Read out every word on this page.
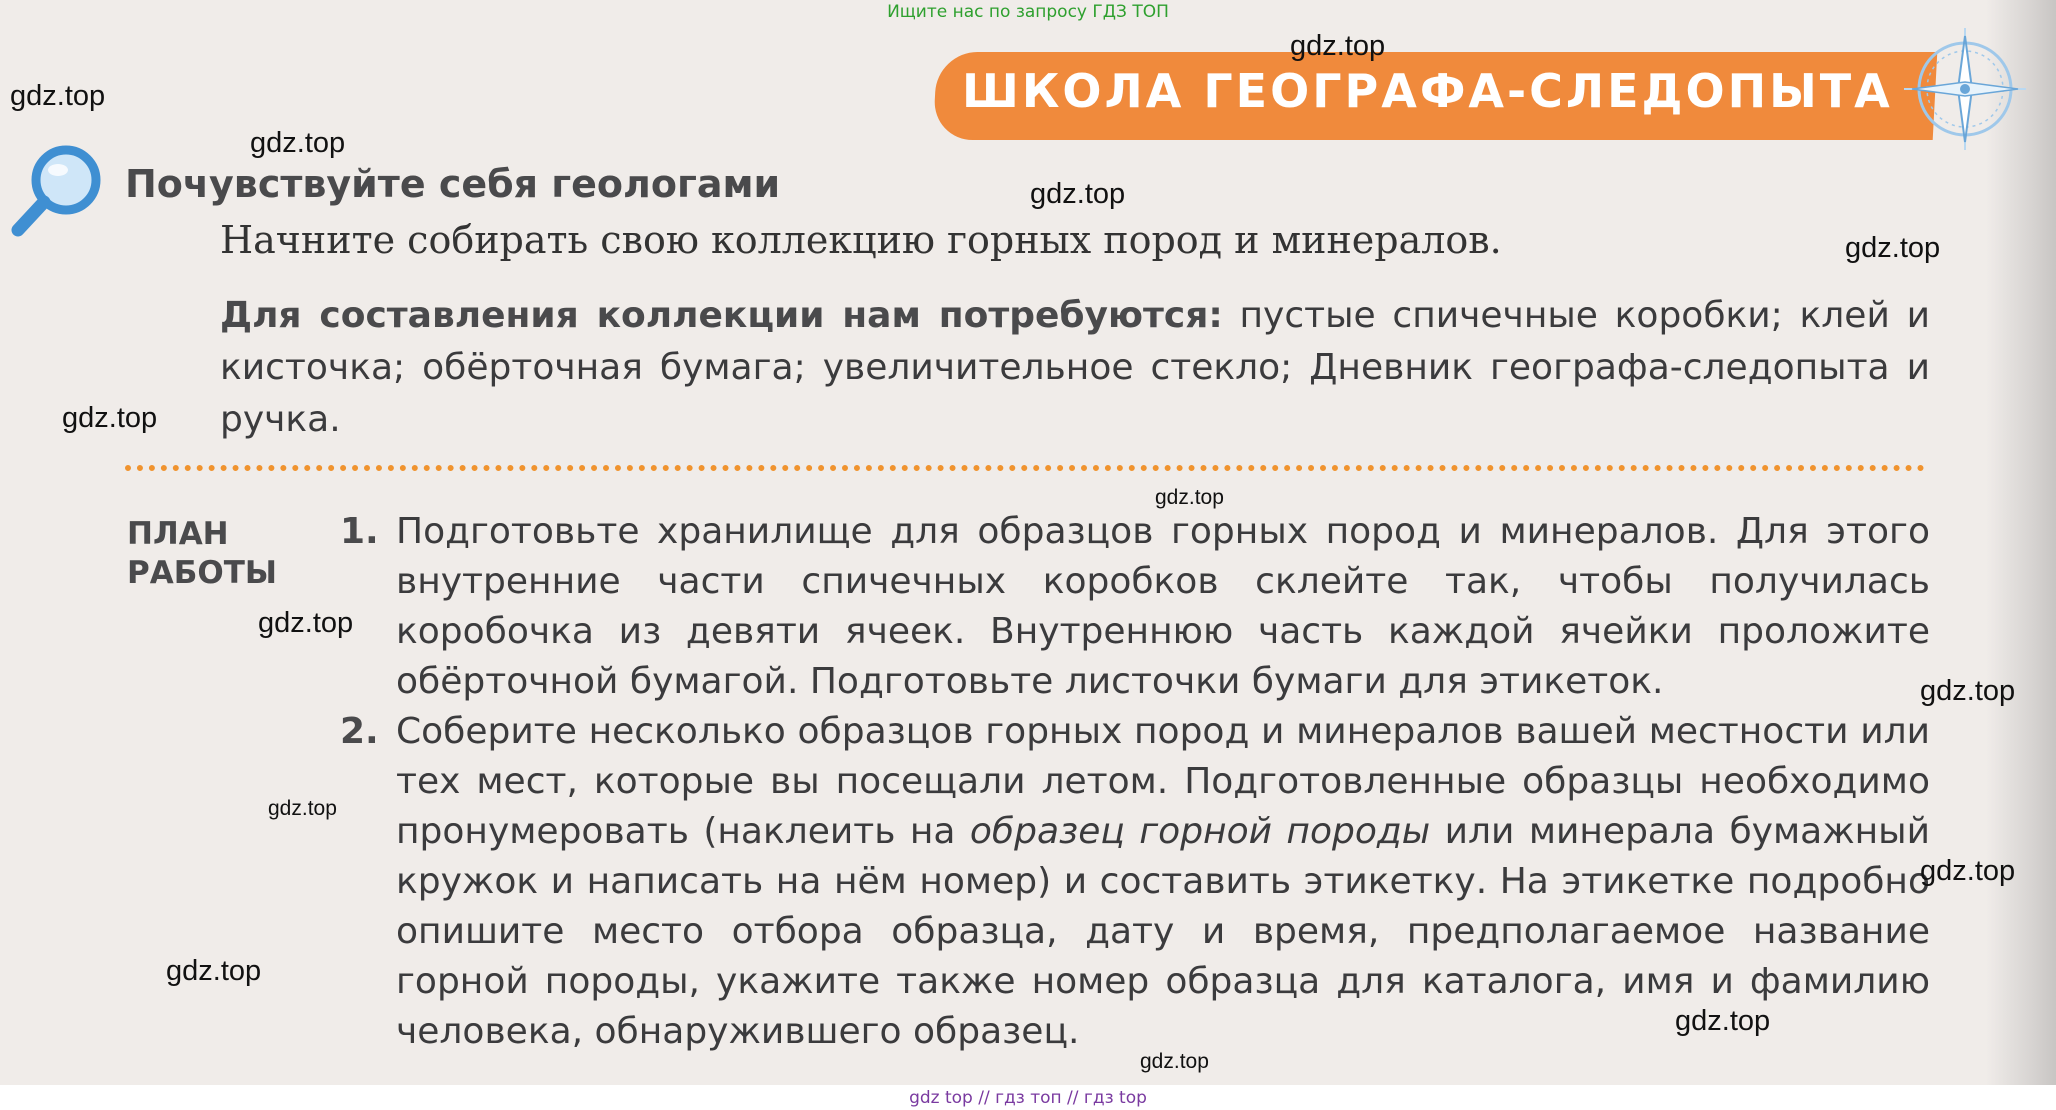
Ищите нас по запросу ГДЗ ТОП
ШКОЛА ГЕОГРАФА-СЛЕДОПЫТА
Почувствуйте себя геологами
Начните собирать свою коллекцию горных пород и минералов.
Для составления коллекции нам потребуются: пустые спичечные коробки; клей и кисточка; обёрточная бумага; увеличительное стекло; Дневник географа-следопыта и ручка.
ПЛАН
РАБОТЫ
1. Подготовьте хранилище для образцов горных пород и минералов. Для этого внутренние части спичечных коробков склейте так, чтобы получилась коробочка из девяти ячеек. Внутреннюю часть каждой ячейки проложите обёрточной бумагой. Подготовьте листочки бумаги для этикеток.
2. Соберите несколько образцов горных пород и минералов вашей местности или тех мест, которые вы посещали летом. Подготовленные образцы необходимо пронумеровать (наклеить на образец горной породы или минерала бумажный кружок и написать на нём номер) и составить этикетку. На этикетке подробно опишите место отбора образца, дату и время, предполагаемое название горной породы, укажите также номер образца для каталога, имя и фамилию человека, обнаружившего образец.
gdz.top
gdz.top
gdz.top
gdz.top
gdz.top
gdz.top
gdz.top
gdz.top
gdz.top
gdz.top
gdz.top
gdz.top
gdz.top
gdz.top
gdz top // гдз топ // гдз top
